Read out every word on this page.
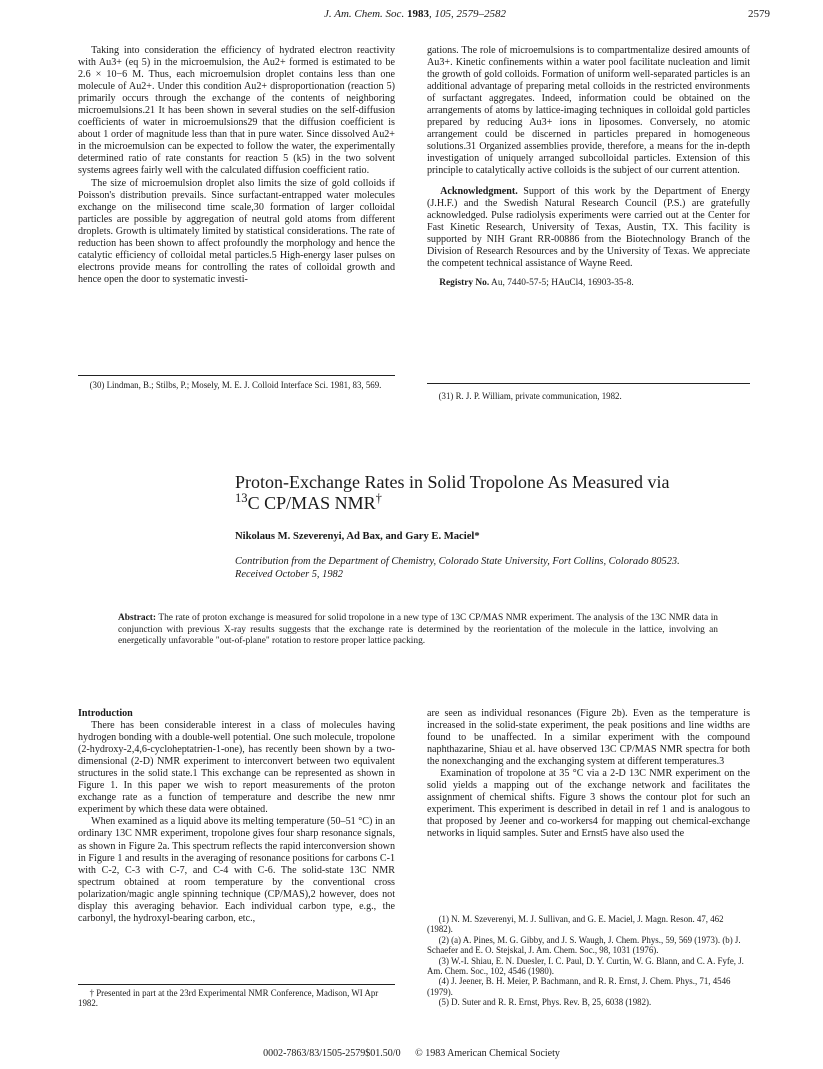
J. Am. Chem. Soc. 1983, 105, 2579–2582	2579

Taking into consideration the efficiency of hydrated electron reactivity with Au3+ (eq 5) in the microemulsion, the Au2+ formed is estimated to be 2.6 × 10−6 M. Thus, each microemulsion droplet contains less than one molecule of Au2+. Under this condition Au2+ disproportionation (reaction 5) primarily occurs through the exchange of the contents of neighboring microemulsions.21 It has been shown in several studies on the self-diffusion coefficients of water in microemulsions29 that the diffusion coefficient is about 1 order of magnitude less than that in pure water. Since dissolved Au2+ in the microemulsion can be expected to follow the water, the experimentally determined ratio of rate constants for reaction 5 (k5) in the two solvent systems agrees fairly well with the calculated diffusion coefficient ratio.

The size of microemulsion droplet also limits the size of gold colloids if Poisson's distribution prevails. Since surfactant-entrapped water molecules exchange on the milisecond time scale,30 formation of larger colloidal particles are possible by aggregation of neutral gold atoms from different droplets. Growth is ultimately limited by statistical considerations. The rate of reduction has been shown to affect profoundly the morphology and hence the catalytic efficiency of colloidal metal particles.5 High-energy laser pulses on electrons provide means for controlling the rates of colloidal growth and hence open the door to systematic investi-

gations. The role of microemulsions is to compartmentalize desired amounts of Au3+. Kinetic confinements within a water pool facilitate nucleation and limit the growth of gold colloids. Formation of uniform well-separated particles is an additional advantage of preparing metal colloids in the restricted environments of surfactant aggregates. Indeed, information could be obtained on the arrangements of atoms by lattice-imaging techniques in colloidal gold particles prepared by reducing Au3+ ions in liposomes. Conversely, no atomic arrangement could be discerned in particles prepared in homogeneous solutions.31 Organized assemblies provide, therefore, a means for the in-depth investigation of uniquely arranged subcolloidal particles. Extension of this principle to catalytically active colloids is the subject of our current attention.

Acknowledgment. Support of this work by the Department of Energy (J.H.F.) and the Swedish Natural Research Council (P.S.) are gratefully acknowledged. Pulse radiolysis experiments were carried out at the Center for Fast Kinetic Research, University of Texas, Austin, TX. This facility is supported by NIH Grant RR-00886 from the Biotechnology Branch of the Division of Research Resources and by the University of Texas. We appreciate the competent technical assistance of Wayne Reed.

Registry No. Au, 7440-57-5; HAuCl4, 16903-35-8.

(30) Lindman, B.; Stilbs, P.; Mosely, M. E. J. Colloid Interface Sci. 1981, 83, 569.

(31) R. J. P. William, private communication, 1982.

Proton-Exchange Rates in Solid Tropolone As Measured via
$^{13}$C CP/MAS NMR†
Nikolaus M. Szeverenyi, Ad Bax, and Gary E. Maciel*
Contribution from the Department of Chemistry, Colorado State University, Fort Collins, Colorado 80523. Received October 5, 1982
Abstract: The rate of proton exchange is measured for solid tropolone in a new type of 13C CP/MAS NMR experiment. The analysis of the 13C NMR data in conjunction with previous X-ray results suggests that the exchange rate is determined by the reorientation of the molecule in the lattice, involving an energetically unfavorable "out-of-plane" rotation to restore proper lattice packing.
Introduction

There has been considerable interest in a class of molecules having hydrogen bonding with a double-well potential. One such molecule, tropolone (2-hydroxy-2,4,6-cycloheptatrien-1-one), has recently been shown by a two-dimensional (2-D) NMR experiment to interconvert between two equivalent structures in the solid state.1 This exchange can be represented as shown in Figure 1. In this paper we wish to report measurements of the proton exchange rate as a function of temperature and describe the new nmr experiment by which these data were obtained.

When examined as a liquid above its melting temperature (50–51 °C) in an ordinary 13C NMR experiment, tropolone gives four sharp resonance signals, as shown in Figure 2a. This spectrum reflects the rapid interconversion shown in Figure 1 and results in the averaging of resonance positions for carbons C-1 with C-2, C-3 with C-7, and C-4 with C-6. The solid-state 13C NMR spectrum obtained at room temperature by the conventional cross polarization/magic angle spinning technique (CP/MAS),2 however, does not display this averaging behavior. Each individual carbon type, e.g., the carbonyl, the hydroxyl-bearing carbon, etc.,

are seen as individual resonances (Figure 2b). Even as the temperature is increased in the solid-state experiment, the peak positions and line widths are found to be unaffected. In a similar experiment with the compound naphthazarine, Shiau et al. have observed 13C CP/MAS NMR spectra for both the nonexchanging and the exchanging system at different temperatures.3

Examination of tropolone at 35 °C via a 2-D 13C NMR experiment on the solid yields a mapping out of the exchange network and facilitates the assignment of chemical shifts. Figure 3 shows the contour plot for such an experiment. This experiment is described in detail in ref 1 and is analogous to that proposed by Jeener and co-workers4 for mapping out chemical-exchange networks in liquid samples. Suter and Ernst5 have also used the

† Presented in part at the 23rd Experimental NMR Conference, Madison, WI Apr 1982.

(1) N. M. Szeverenyi, M. J. Sullivan, and G. E. Maciel, J. Magn. Reson. 47, 462 (1982).

(2) (a) A. Pines, M. G. Gibby, and J. S. Waugh, J. Chem. Phys., 59, 569 (1973). (b) J. Schaefer and E. O. Stejskal, J. Am. Chem. Soc., 98, 1031 (1976).

(3) W.-I. Shiau, E. N. Duesler, I. C. Paul, D. Y. Curtin, W. G. Blann, and C. A. Fyfe, J. Am. Chem. Soc., 102, 4546 (1980).

(4) J. Jeener, B. H. Meier, P. Bachmann, and R. R. Ernst, J. Chem. Phys., 71, 4546 (1979).

(5) D. Suter and R. R. Ernst, Phys. Rev. B, 25, 6038 (1982).

0002-7863/83/1505-2579$01.50/0 © 1983 American Chemical Society
